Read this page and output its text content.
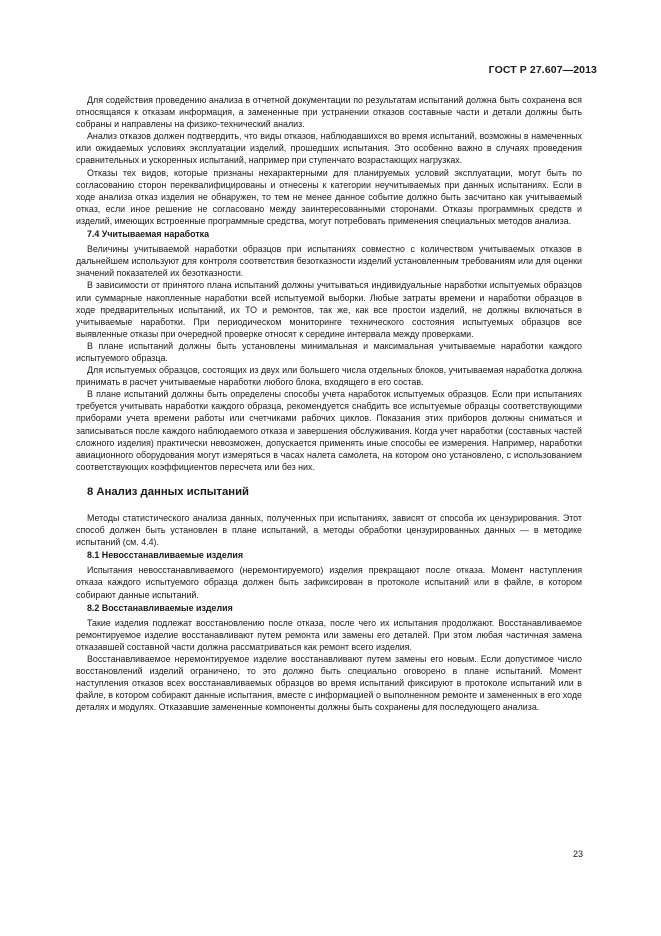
ГОСТ Р 27.607—2013

Для содействия проведению анализа в отчетной документации по результатам испытаний должна быть сохранена вся относящаяся к отказам информация, а замененные при устранении отказов составные части и детали должны быть собраны и направлены на физико-технический анализ.

Анализ отказов должен подтвердить, что виды отказов, наблюдавшихся во время испытаний, возможны в намеченных или ожидаемых условиях эксплуатации изделий, прошедших испытания. Это особенно важно в случаях проведения сравнительных и ускоренных испытаний, например при ступенчато возрастающих нагрузках.

Отказы тех видов, которые признаны нехарактерными для планируемых условий эксплуатации, могут быть по согласованию сторон переквалифицированы и отнесены к категории неучитываемых при данных испытаниях. Если в ходе анализа отказ изделия не обнаружен, то тем не менее данное событие должно быть засчитано как учитываемый отказ, если иное решение не согласовано между заинтересованными сторонами. Отказы программных средств и изделий, имеющих встроенные программные средства, могут потребовать применения специальных методов анализа.

7.4 Учитываемая наработка

Величины учитываемой наработки образцов при испытаниях совместно с количеством учитываемых отказов в дальнейшем используют для контроля соответствия безотказности изделий установленным требованиям или для оценки значений показателей их безотказности.

В зависимости от принятого плана испытаний должны учитываться индивидуальные наработки испытуемых образцов или суммарные накопленные наработки всей испытуемой выборки. Любые затраты времени и наработки образцов в ходе предварительных испытаний, их ТО и ремонтов, так же, как все простои изделий, не должны включаться в учитываемые наработки. При периодическом мониторинге технического состояния испытуемых образцов все выявленные отказы при очередной проверке относят к середине интервала между проверками.

В плане испытаний должны быть установлены минимальная и максимальная учитываемые наработки каждого испытуемого образца.

Для испытуемых образцов, состоящих из двух или большего числа отдельных блоков, учитываемая наработка должна принимать в расчет учитываемые наработки любого блока, входящего в его состав.

В плане испытаний должны быть определены способы учета наработок испытуемых образцов. Если при испытаниях требуется учитывать наработки каждого образца, рекомендуется снабдить все испытуемые образцы соответствующими приборами учета времени работы или счетчиками рабочих циклов. Показания этих приборов должны сниматься и записываться после каждого наблюдаемого отказа и завершения обслуживания. Когда учет наработки (составных частей сложного изделия) практически невозможен, допускается применять иные способы ее измерения. Например, наработки авиационного оборудования могут измеряться в часах налета самолета, на котором оно установлено, с использованием соответствующих коэффициентов пересчета или без них.

8 Анализ данных испытаний

Методы статистического анализа данных, полученных при испытаниях, зависят от способа их цензурирования. Этот способ должен быть установлен в плане испытаний, а методы обработки цензурированных данных — в методике испытаний (см. 4.4).

8.1 Невосстанавливаемые изделия

Испытания невосстанавливаемого (неремонтируемого) изделия прекращают после отказа. Момент наступления отказа каждого испытуемого образца должен быть зафиксирован в протоколе испытаний или в файле, в котором собирают данные испытаний.

8.2 Восстанавливаемые изделия

Такие изделия подлежат восстановлению после отказа, после чего их испытания продолжают. Восстанавливаемое ремонтируемое изделие восстанавливают путем ремонта или замены его деталей. При этом любая частичная замена отказавшей составной части должна рассматриваться как ремонт всего изделия.

Восстанавливаемое неремонтируемое изделие восстанавливают путем замены его новым. Если допустимое число восстановлений изделий ограничено, то это должно быть специально оговорено в плане испытаний. Момент наступления отказов всех восстанавливаемых образцов во время испытаний фиксируют в протоколе испытаний или в файле, в котором собирают данные испытания, вместе с информацией о выполненном ремонте и замененных в его ходе деталях и модулях. Отказавшие замененные компоненты должны быть сохранены для последующего анализа.

23
